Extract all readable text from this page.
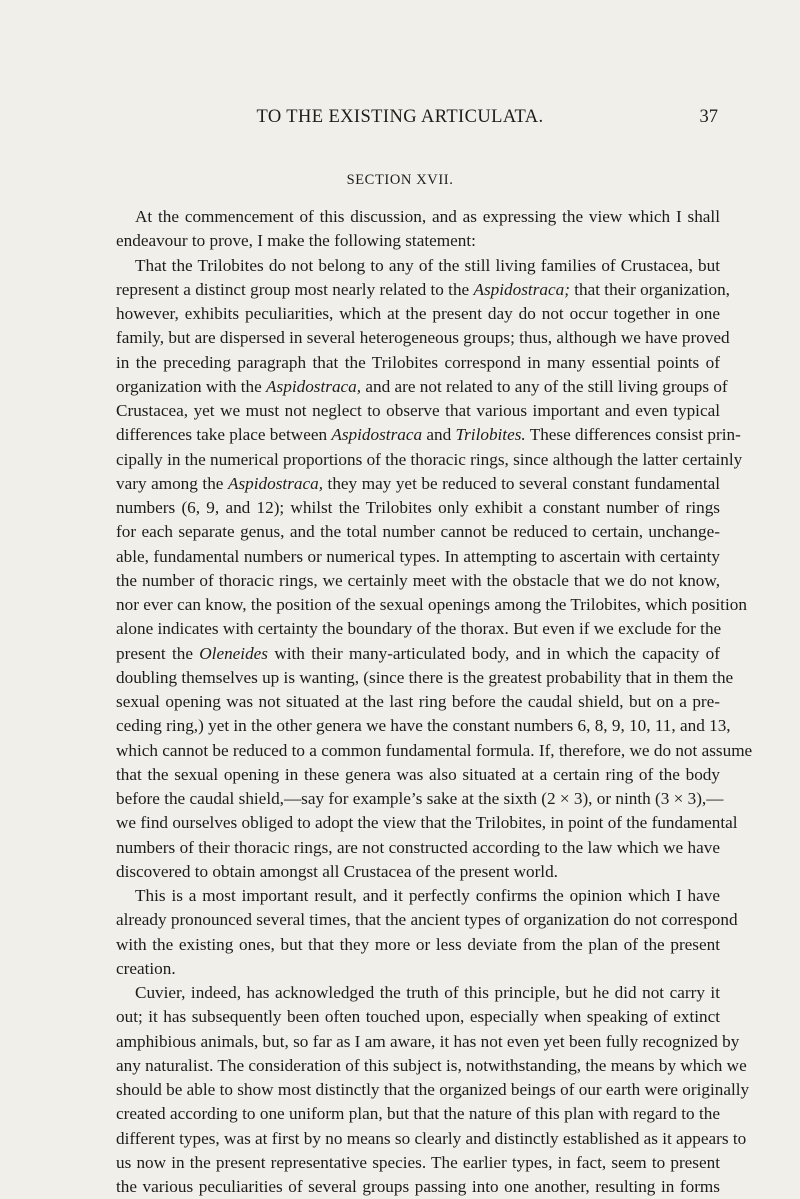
TO THE EXISTING ARTICULATA.	37
SECTION XVII.
At the commencement of this discussion, and as expressing the view which I shall
endeavour to prove, I make the following statement:
That the Trilobites do not belong to any of the still living families of Crustacea, but
represent a distinct group most nearly related to the Aspidostraca; that their organization,
however, exhibits peculiarities, which at the present day do not occur together in one
family, but are dispersed in several heterogeneous groups; thus, although we have proved
in the preceding paragraph that the Trilobites correspond in many essential points of
organization with the Aspidostraca, and are not related to any of the still living groups of
Crustacea, yet we must not neglect to observe that various important and even typical
differences take place between Aspidostraca and Trilobites. These differences consist prin-
cipally in the numerical proportions of the thoracic rings, since although the latter certainly
vary among the Aspidostraca, they may yet be reduced to several constant fundamental
numbers (6, 9, and 12); whilst the Trilobites only exhibit a constant number of rings
for each separate genus, and the total number cannot be reduced to certain, unchange-
able, fundamental numbers or numerical types. In attempting to ascertain with certainty
the number of thoracic rings, we certainly meet with the obstacle that we do not know,
nor ever can know, the position of the sexual openings among the Trilobites, which position
alone indicates with certainty the boundary of the thorax. But even if we exclude for the
present the Oleneides with their many-articulated body, and in which the capacity of
doubling themselves up is wanting, (since there is the greatest probability that in them the
sexual opening was not situated at the last ring before the caudal shield, but on a pre-
ceding ring,) yet in the other genera we have the constant numbers 6, 8, 9, 10, 11, and 13,
which cannot be reduced to a common fundamental formula. If, therefore, we do not assume
that the sexual opening in these genera was also situated at a certain ring of the body
before the caudal shield,—say for example’s sake at the sixth (2 × 3), or ninth (3 × 3),—
we find ourselves obliged to adopt the view that the Trilobites, in point of the fundamental
numbers of their thoracic rings, are not constructed according to the law which we have
discovered to obtain amongst all Crustacea of the present world.
This is a most important result, and it perfectly confirms the opinion which I have
already pronounced several times, that the ancient types of organization do not correspond
with the existing ones, but that they more or less deviate from the plan of the present
creation.
Cuvier, indeed, has acknowledged the truth of this principle, but he did not carry it
out; it has subsequently been often touched upon, especially when speaking of extinct
amphibious animals, but, so far as I am aware, it has not even yet been fully recognized by
any naturalist. The consideration of this subject is, notwithstanding, the means by which we
should be able to show most distinctly that the organized beings of our earth were originally
created according to one uniform plan, but that the nature of this plan with regard to the
different types, was at first by no means so clearly and distinctly established as it appears to
us now in the present representative species. The earlier types, in fact, seem to present
the various peculiarities of several groups passing into one another, resulting in forms
